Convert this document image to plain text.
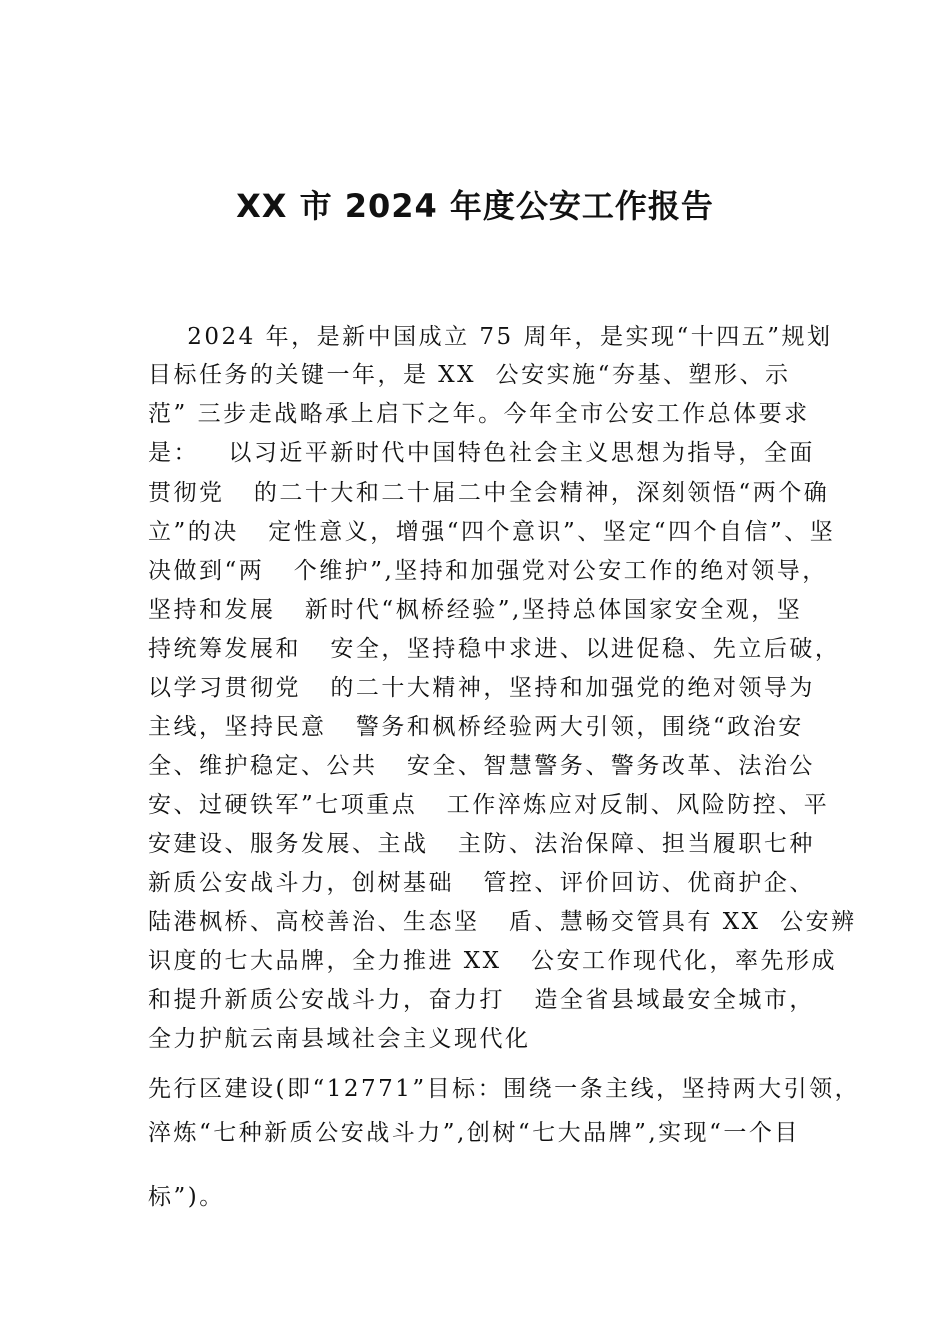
XX 市 2024 年度公安工作报告
2024 年，是新中国成立 75 周年，是实现“十四五”规划
目标任务的关键一年，是 XX  公安实施“夯基、塑形、示
范” 三步走战略承上启下之年。今年全市公安工作总体要求
是：   以习近平新时代中国特色社会主义思想为指导，全面
贯彻党   的二十大和二十届二中全会精神，深刻领悟“两个确
立”的决   定性意义，增强“四个意识”、坚定“四个自信”、坚
决做到“两   个维护”,坚持和加强党对公安工作的绝对领导，
坚持和发展   新时代“枫桥经验”,坚持总体国家安全观，坚
持统筹发展和   安全，坚持稳中求进、以进促稳、先立后破，
以学习贯彻党   的二十大精神，坚持和加强党的绝对领导为
主线，坚持民意   警务和枫桥经验两大引领，围绕“政治安
全、维护稳定、公共   安全、智慧警务、警务改革、法治公
安、过硬铁军”七项重点   工作淬炼应对反制、风险防控、平
安建设、服务发展、主战   主防、法治保障、担当履职七种
新质公安战斗力，创树基础   管控、评价回访、优商护企、
陆港枫桥、高校善治、生态坚   盾、慧畅交管具有 XX  公安辨
识度的七大品牌，全力推进 XX   公安工作现代化，率先形成
和提升新质公安战斗力，奋力打   造全省县域最安全城市，
全力护航云南县域社会主义现代化
先行区建设(即“12771”目标：围绕一条主线，坚持两大引领，
淬炼“七种新质公安战斗力”,创树“七大品牌”,实现“一个目
标”)。
